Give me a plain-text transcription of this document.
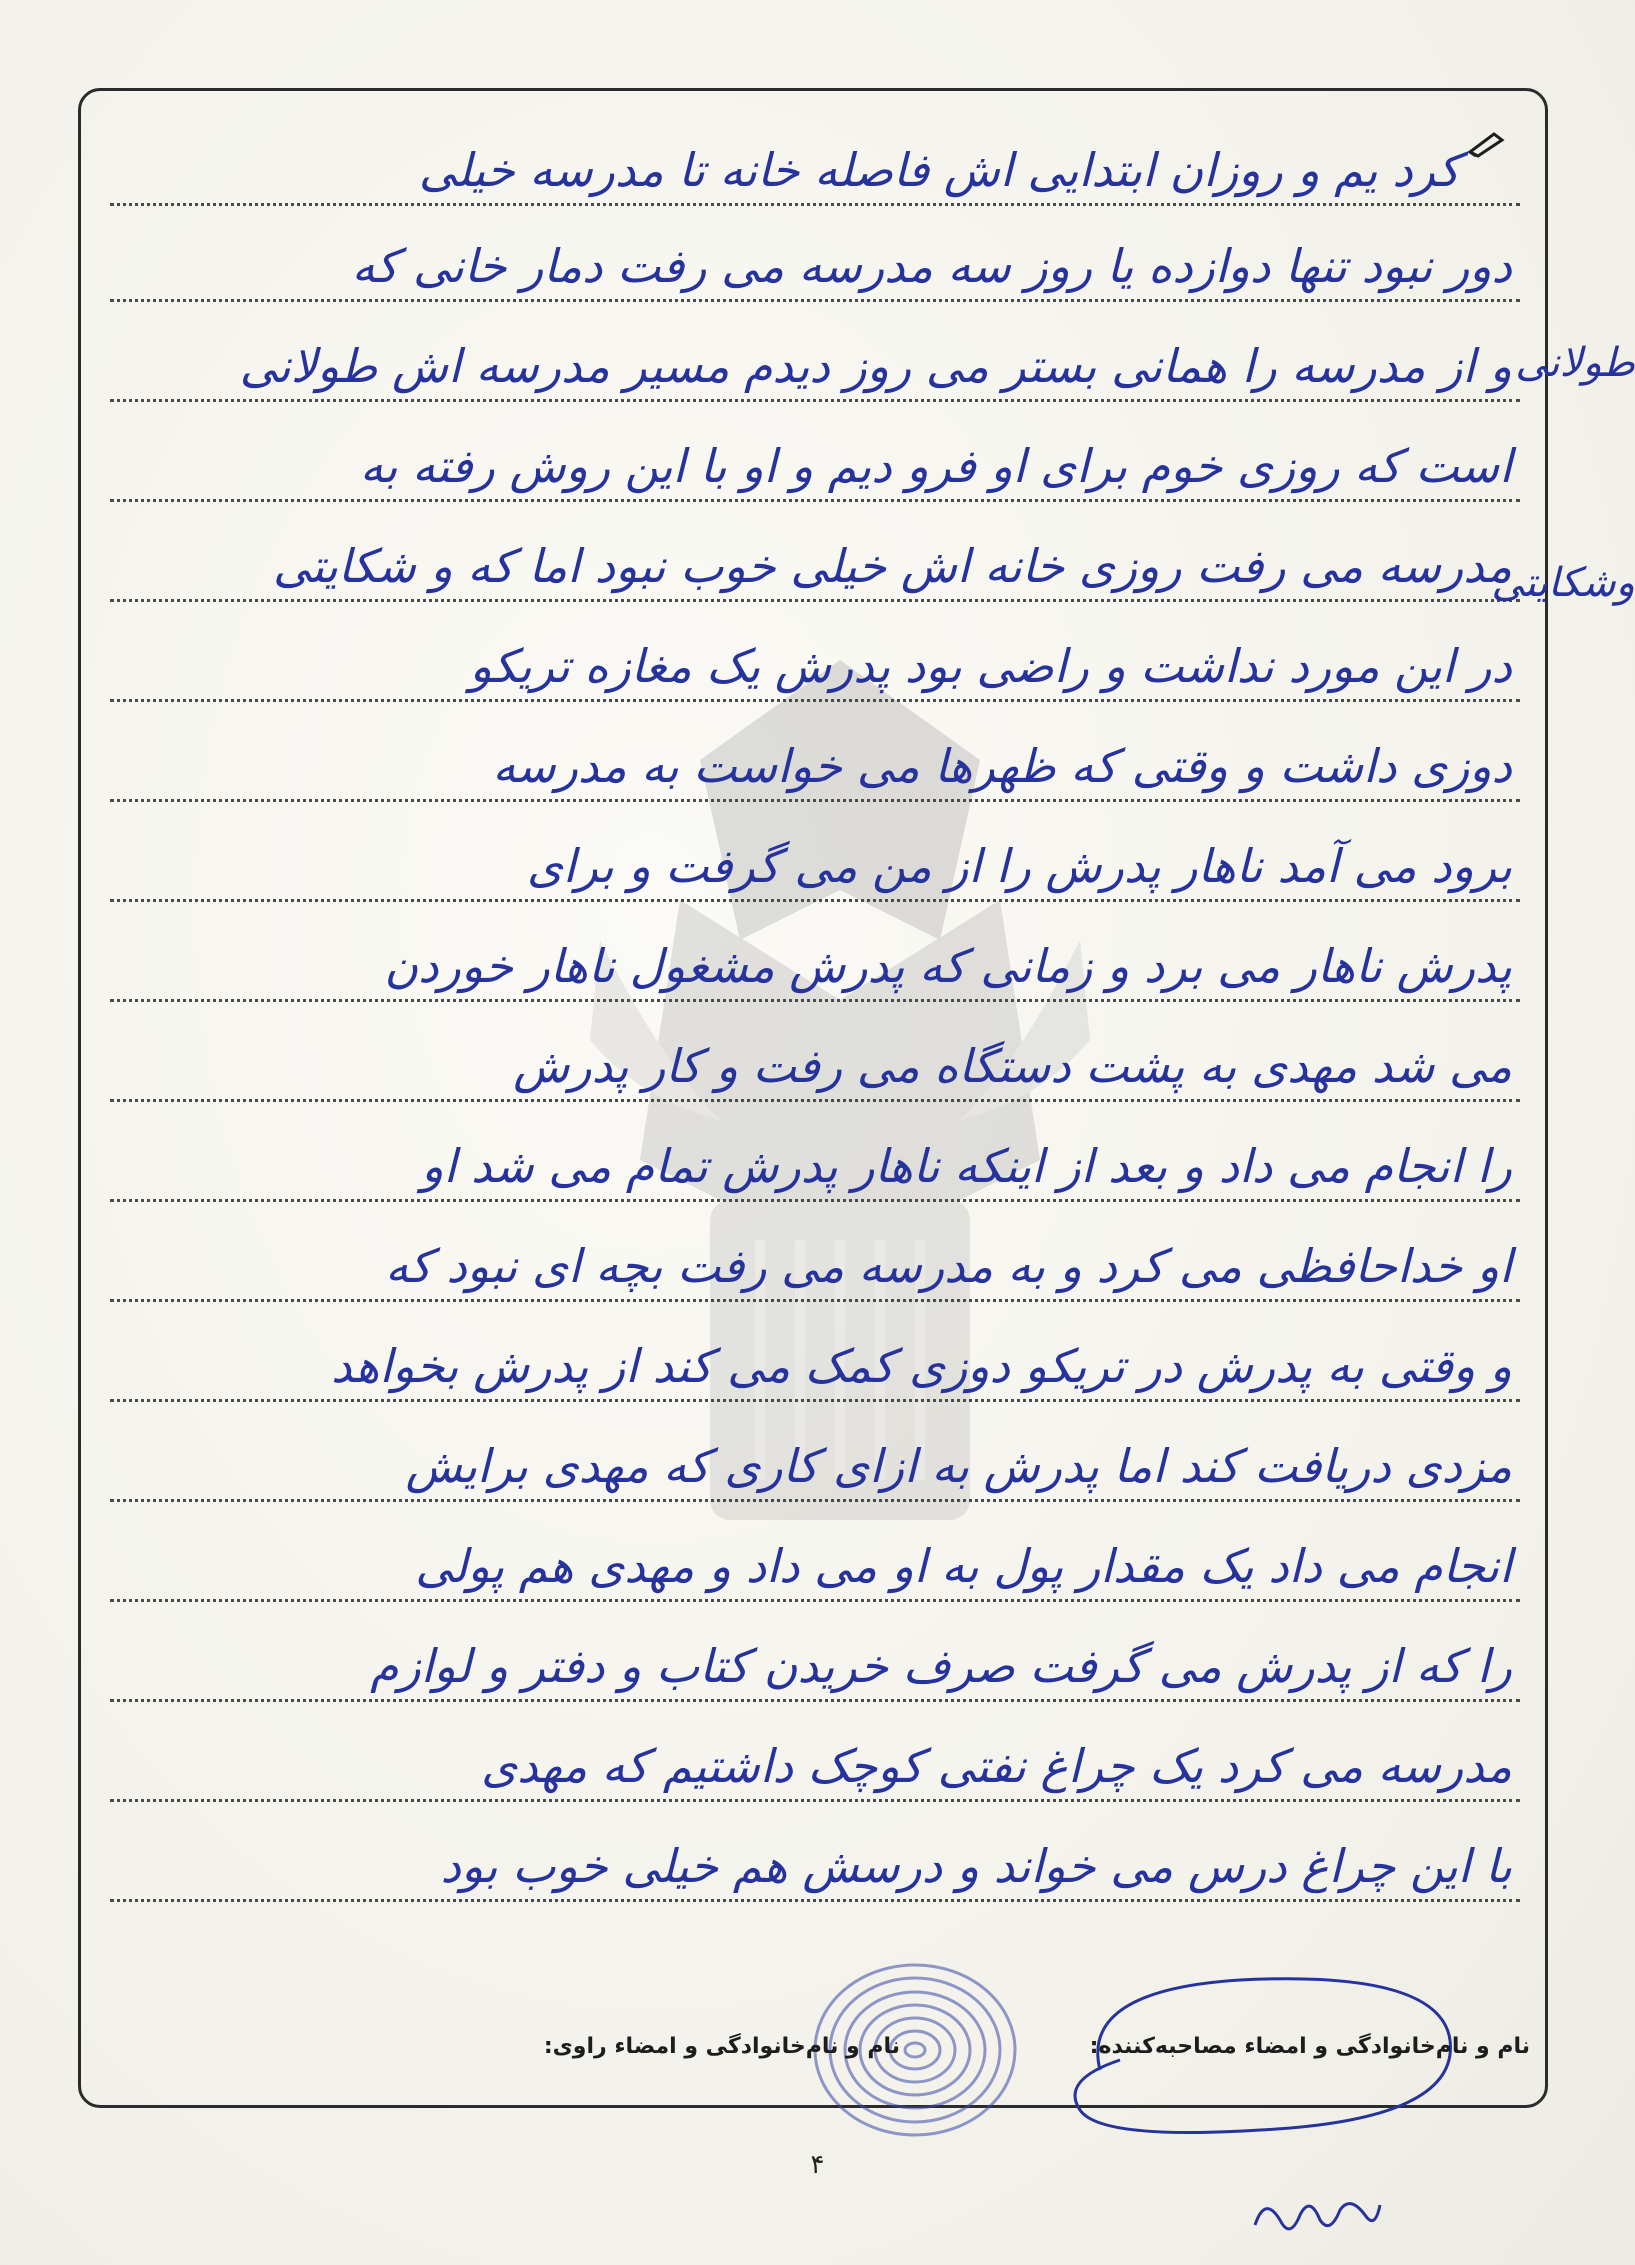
کرد یم و روزان ابتدایی اش فاصله خانه تا مدرسه خیلی
دور نبود تنها دوازده یا روز سه مدرسه می رفت دمار خانی که
و از مدرسه را همانی بستر می روز دیدم مسیر مدرسه اش طولانی
است که روزی خوم برای او فرو دیم و او با این روش رفته به
مدرسه می رفت روزی خانه اش خیلی خوب نبود اما که و شکایتی
در این مورد نداشت و راضی بود پدرش یک مغازه تریکو
دوزی داشت و وقتی که ظهرها می خواست به مدرسه
برود می آمد ناهار پدرش را از من می گرفت و برای
پدرش ناهار می برد و زمانی که پدرش مشغول ناهار خوردن
می شد مهدی به پشت دستگاه می رفت و کار پدرش
را انجام می داد و بعد از اینکه ناهار پدرش تمام می شد او
او خداحافظی می کرد و به مدرسه می رفت بچه ای نبود که
و وقتی به پدرش در تریکو دوزی کمک می کند از پدرش بخواهد
مزدی دریافت کند اما پدرش به ازای کاری که مهدی برایش
انجام می داد یک مقدار پول به او می داد و مهدی هم پولی
را که از پدرش می گرفت صرف خریدن کتاب و دفتر و لوازم
مدرسه می کرد یک چراغ نفتی کوچک داشتیم که مهدی
با این چراغ درس می خواند و درسش هم خیلی خوب بود
طولانی
وشکایتی
نام و نام‌خانوادگی و امضاء مصاحبه‌کننده:
نام و نام‌خانوادگی و امضاء راوی:
۴
